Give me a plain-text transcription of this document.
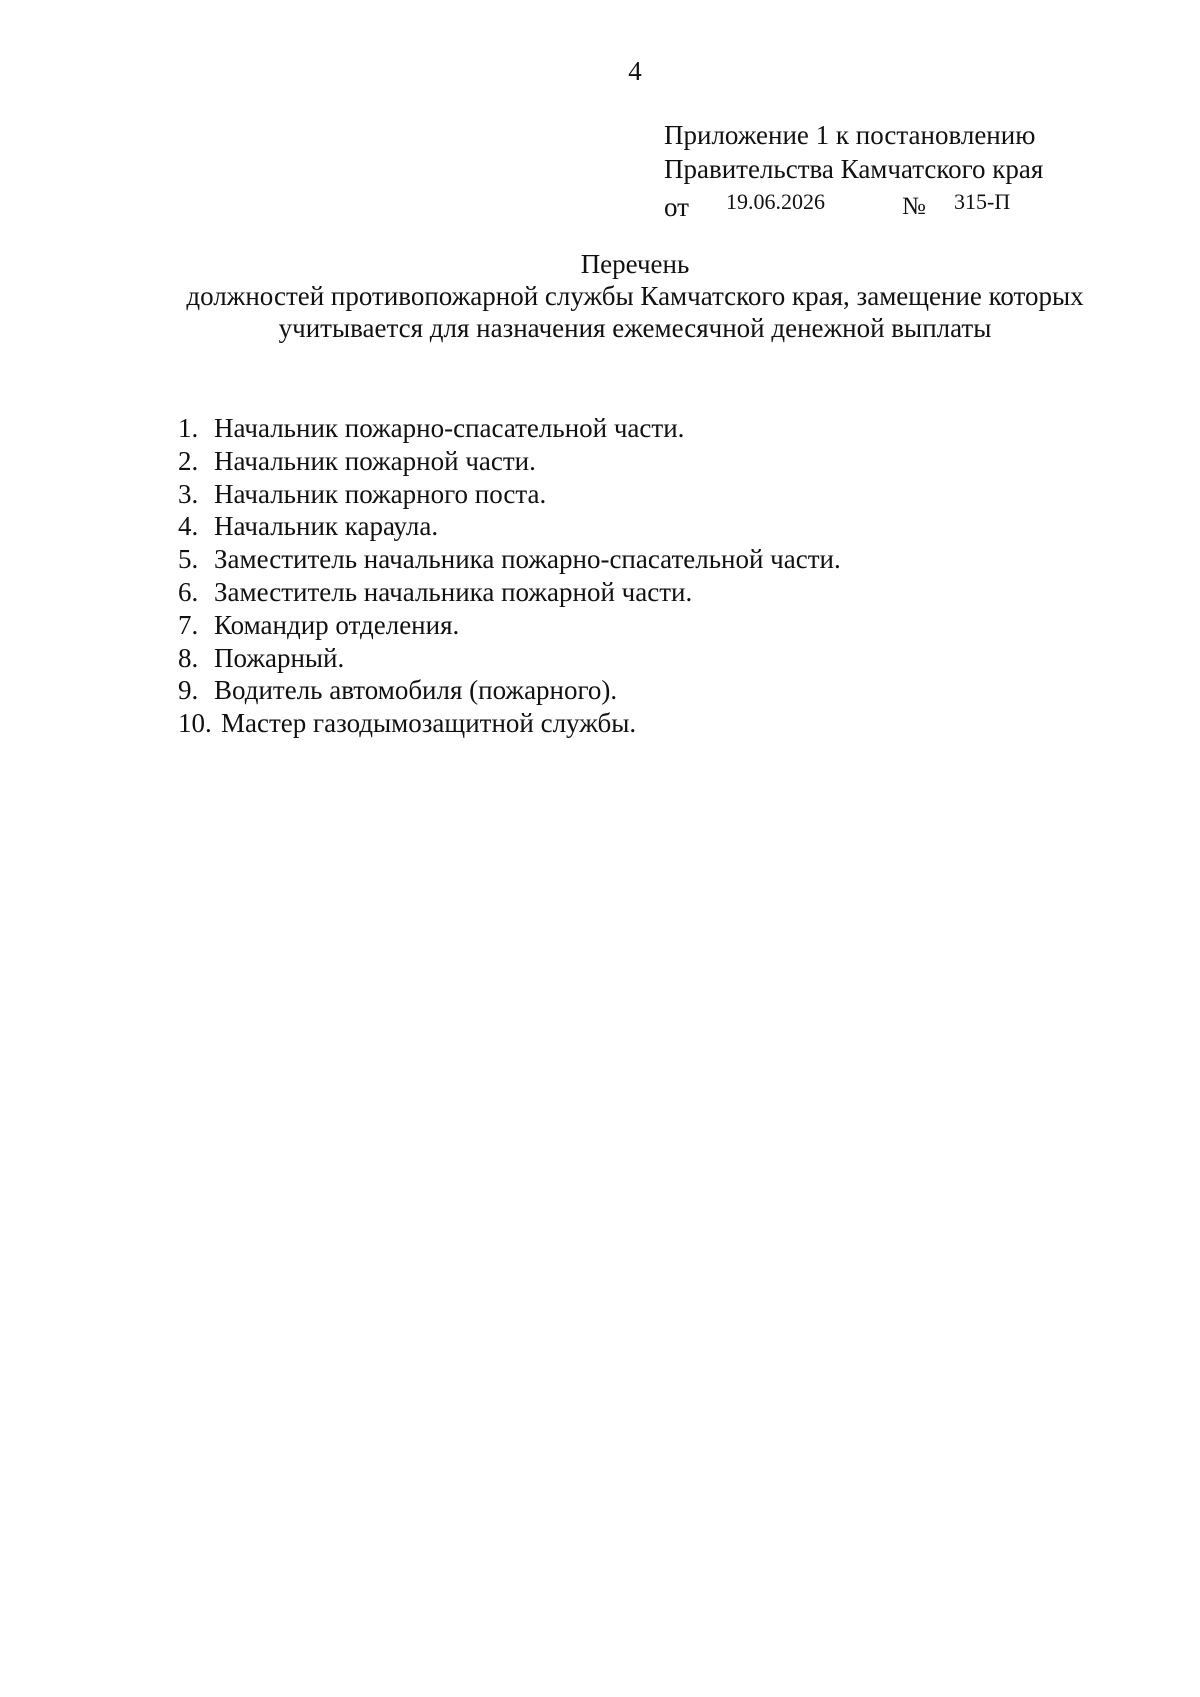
4
Приложение 1 к постановлению
Правительства Камчатского края
от 19.06.2026	№ 315-П
Перечень
должностей противопожарной службы Камчатского края, замещение которых
учитывается для назначения ежемесячной денежной выплаты
1. Начальник пожарно-спасательной части.
2. Начальник пожарной части.
3. Начальник пожарного поста.
4. Начальник караула.
5. Заместитель начальника пожарно-спасательной части.
6. Заместитель начальника пожарной части.
7. Командир отделения.
8. Пожарный.
9. Водитель автомобиля (пожарного).
10. Мастер газодымозащитной службы.
